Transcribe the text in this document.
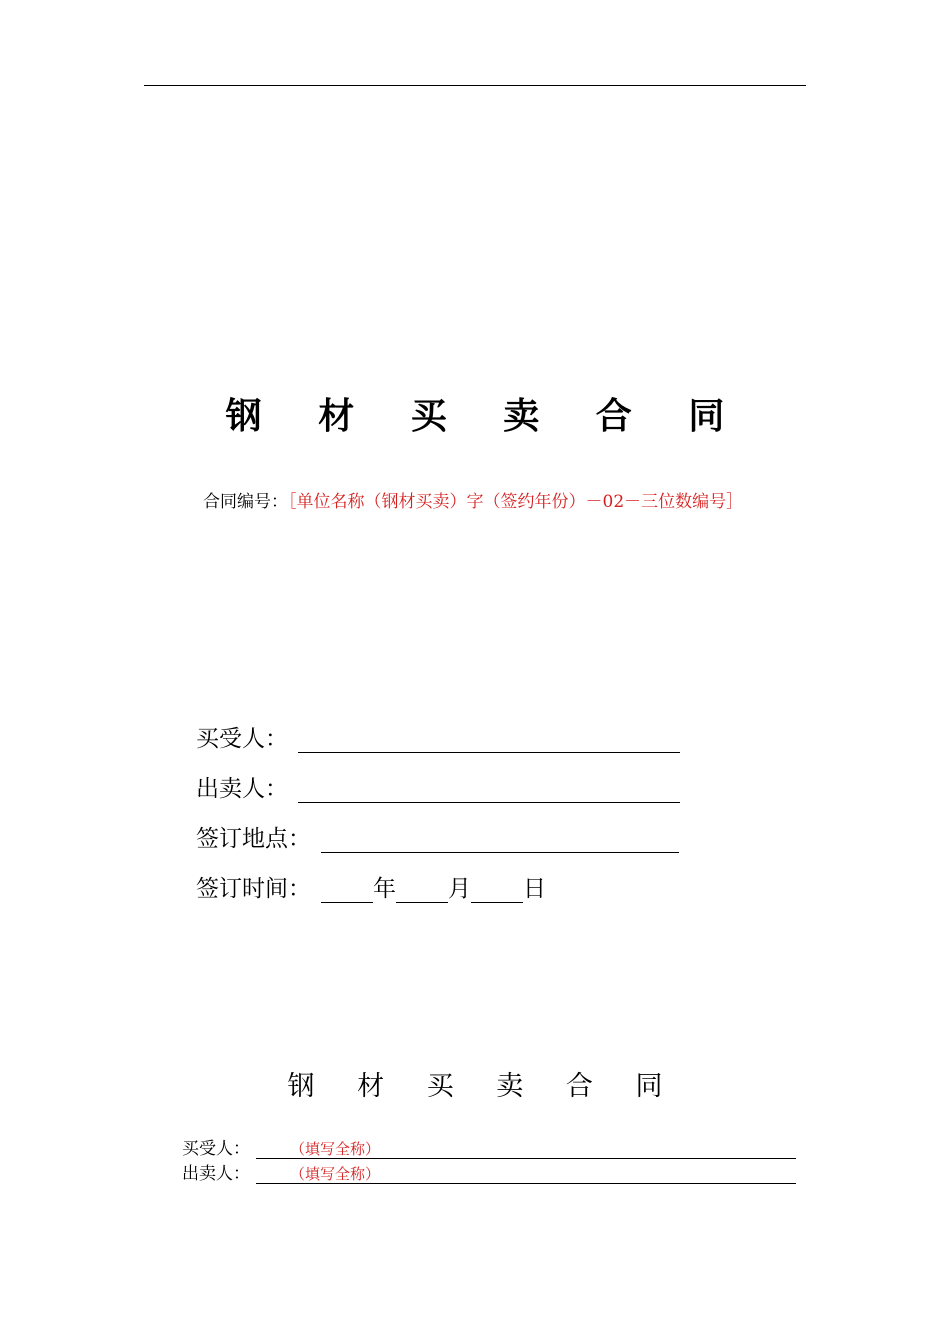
钢 材 买 卖 合 同
合同编号：［单位名称（钢材买卖）字（签约年份）－02－三位数编号］
买受人：
出卖人：
签订地点：
签订时间：	年 月 日
钢 材 买 卖 合 同
买受人：	（填写全称）
出卖人：	（填写全称）
